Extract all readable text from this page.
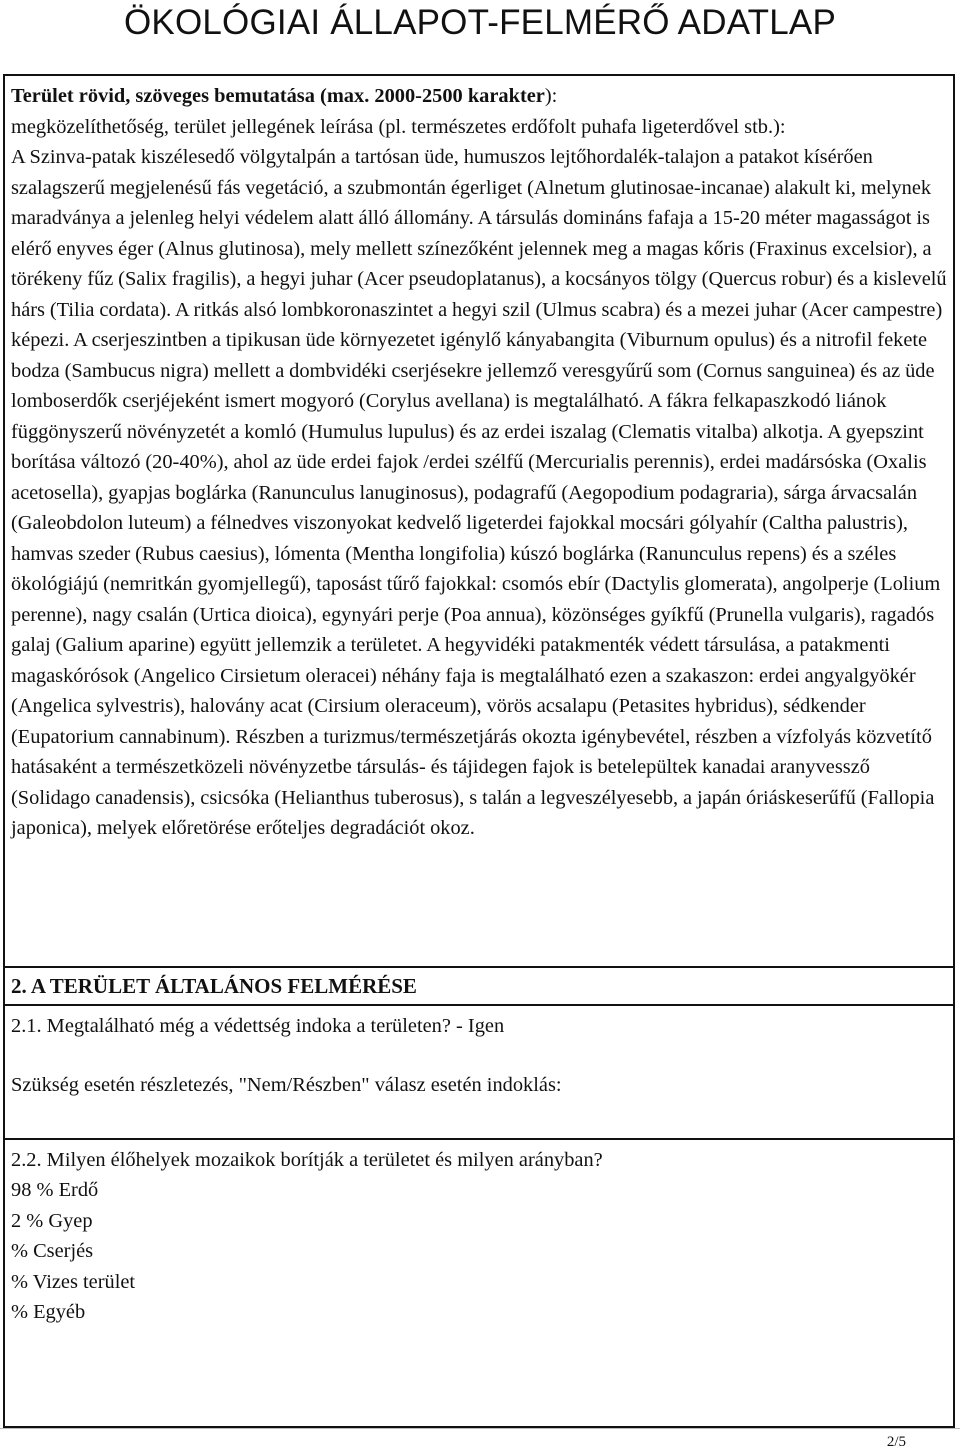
ÖKOLÓGIAI ÁLLAPOT-FELMÉRŐ ADATLAP

Terület rövid, szöveges bemutatása (max. 2000-2500 karakter):

megközelíthetőség, terület jellegének leírása (pl. természetes erdőfolt puhafa ligeterdővel stb.):

A Szinva-patak kiszélesedő völgytalpán a tartósan üde, humuszos lejtőhordalék-talajon a patakot kísérően szalagszerű megjelenésű fás vegetáció, a szubmontán égerliget (Alnetum glutinosae-incanae) alakult ki, melynek maradványa a jelenleg helyi védelem alatt álló állomány. A társulás domináns fafaja a 15-20 méter magasságot is elérő enyves éger (Alnus glutinosa), mely mellett színezőként jelennek meg a magas kőris (Fraxinus excelsior), a törékeny fűz (Salix fragilis), a hegyi juhar (Acer pseudoplatanus), a kocsányos tölgy (Quercus robur) és a kislevelű hárs (Tilia cordata). A ritkás alsó lombkoronaszintet a hegyi szil (Ulmus scabra) és a mezei juhar (Acer campestre) képezi. A cserjeszintben a tipikusan üde környezetet igénylő kányabangita (Viburnum opulus) és a nitrofil fekete bodza (Sambucus nigra) mellett a dombvidéki cserjésekre jellemző veresgyűrű som (Cornus sanguinea) és az üde lomboserdők cserjéjeként ismert mogyoró (Corylus avellana) is megtalálható. A fákra felkapaszkodó liánok függönyszerű növényzetét a komló (Humulus lupulus) és az erdei iszalag (Clematis vitalba) alkotja. A gyepszint borítása változó (20-40%), ahol az üde erdei fajok /erdei szélfű (Mercurialis perennis), erdei madársóska (Oxalis acetosella), gyapjas boglárka (Ranunculus lanuginosus), podagrafű (Aegopodium podagraria), sárga árvacsalán (Galeobdolon luteum) a félnedves viszonyokat kedvelő ligeterdei fajokkal mocsári gólyahír (Caltha palustris), hamvas szeder (Rubus caesius), lómenta (Mentha longifolia) kúszó boglárka (Ranunculus repens) és a széles ökológiájú (nemritkán gyomjellegű), taposást tűrő fajokkal: csomós ebír (Dactylis glomerata), angolperje (Lolium perenne), nagy csalán (Urtica dioica), egynyári perje (Poa annua), közönséges gyíkfű (Prunella vulgaris), ragadós galaj (Galium aparine) együtt jellemzik a területet. A hegyvidéki patakmenték védett társulása, a patakmenti magaskórósok (Angelico Cirsietum oleracei) néhány faja is megtalálható ezen a szakaszon: erdei angyalgyökér (Angelica sylvestris), halovány acat (Cirsium oleraceum), vörös acsalapu (Petasites hybridus), sédkender (Eupatorium cannabinum). Részben a turizmus/természetjárás okozta igénybevétel, részben a vízfolyás közvetítő hatásaként a természetközeli növényzetbe társulás- és tájidegen fajok is betelepültek kanadai aranyvessző (Solidago canadensis), csicsóka (Helianthus tuberosus), s talán a legveszélyesebb, a japán óriáskeserűfű (Fallopia japonica), melyek előretörése erőteljes degradációt okoz.

2. A TERÜLET ÁLTALÁNOS FELMÉRÉSE
2.1. Megtalálható még a védettség indoka a területen? - Igen
Szükség esetén részletezés, "Nem/Részben" válasz esetén indoklás:
2.2. Milyen élőhelyek mozaikok borítják a területet és milyen arányban?
98 % Erdő
2 % Gyep
% Cserjés
% Vizes terület
% Egyéb
2/5
